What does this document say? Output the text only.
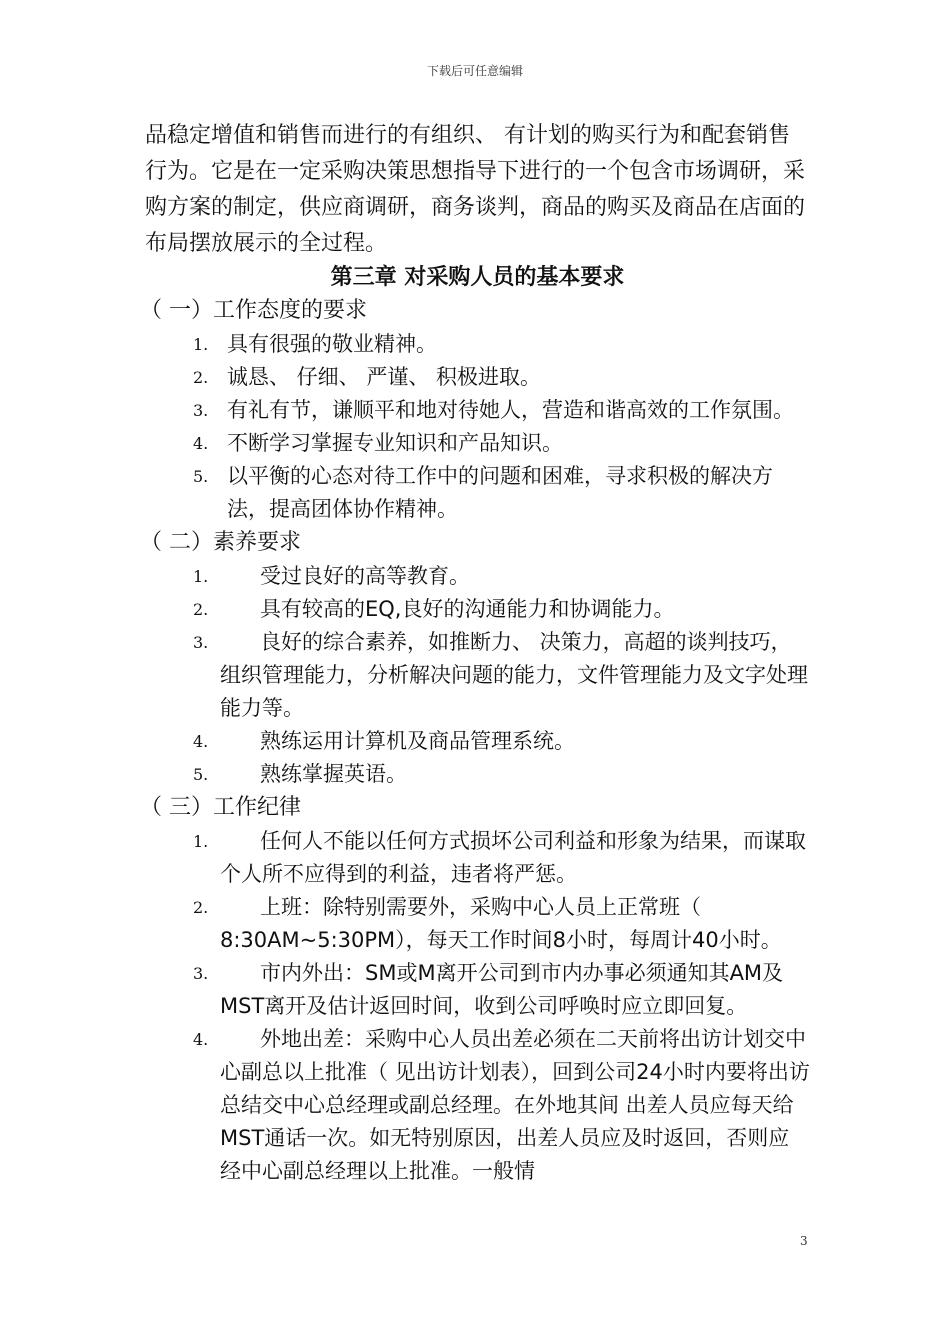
下载后可任意编辑

品稳定增值和销售而进行的有组织、 有计划的购买行为和配套销售行为。它是在一定采购决策思想指导下进行的一个包含市场调研，采购方案的制定，供应商调研，商务谈判，商品的购买及商品在店面的布局摆放展示的全过程。

第三章 对采购人员的基本要求
（ 一）工作态度的要求
1. 具有很强的敬业精神。
2. 诚恳、 仔细、 严谨、 积极进取。
3. 有礼有节，谦顺平和地对待她人，营造和谐高效的工作氛围。
4. 不断学习掌握专业知识和产品知识。
5. 以平衡的心态对待工作中的问题和困难，寻求积极的解决方法，提高团体协作精神。
（ 二）素养要求
1. 受过良好的高等教育。
2. 具有较高的EQ,良好的沟通能力和协调能力。
3. 良好的综合素养，如推断力、 决策力，高超的谈判技巧，组织管理能力，分析解决问题的能力，文件管理能力及文字处理能力等。
4. 熟练运用计算机及商品管理系统。
5. 熟练掌握英语。
（ 三）工作纪律
1. 任何人不能以任何方式损坏公司利益和形象为结果，而谋取个人所不应得到的利益，违者将严惩。
2. 上班：除特别需要外，采购中心人员上正常班（ 8:30AM~5:30PM），每天工作时间8小时，每周计40小时。
3. 市内外出：SM或M离开公司到市内办事必须通知其AM及MST离开及估计返回时间，收到公司呼唤时应立即回复。
4. 外地出差：采购中心人员出差必须在二天前将出访计划交中心副总以上批准（ 见出访计划表），回到公司24小时内要将出访总结交中心总经理或副总经理。在外地其间 出差人员应每天给MST通话一次。如无特别原因，出差人员应及时返回，否则应经中心副总经理以上批准。一般情
3
